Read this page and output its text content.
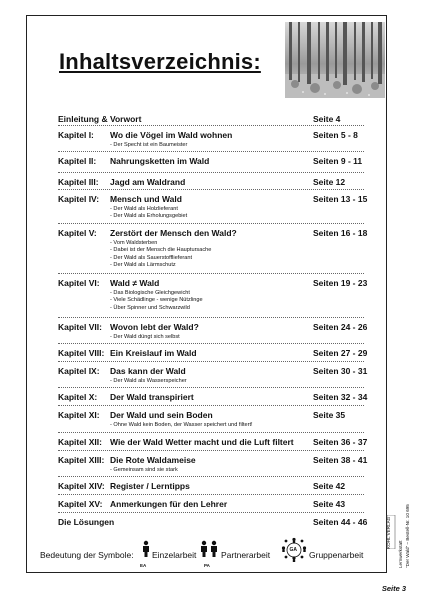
Inhaltsverzeichnis:
Einleitung & Vorwort	Seite 4
Kapitel I:	Wo die Vögel im Wald wohnen	Seiten 5 - 8
- Der Specht ist ein Baumeister
Kapitel II:	Nahrungsketten im Wald	Seiten 9 - 11
Kapitel III:	Jagd am Waldrand	Seite 12
Kapitel IV:	Mensch und Wald	Seiten 13 - 15
- Der Wald als Holzlieferant
- Der Wald als Erholungsgebiet
Kapitel V:	Zerstört der Mensch den Wald?	Seiten 16 - 18
- Vom Waldsterben
- Dabei ist der Mensch die Hauptursache
- Der Wald als Sauerstofflieferant
- Der Wald als Lärmschutz
Kapitel VI:	Wald ≠ Wald	Seiten 19 - 23
- Das Biologische Gleichgewicht
- Viele Schädlinge - wenige Nützlinge
- Über Spinner und Schwarzwild
Kapitel VII: Wovon lebt der Wald?	Seiten 24 - 26
- Der Wald düngt sich selbst
Kapitel VIII: Ein Kreislauf im Wald	Seiten 27 - 29
Kapitel IX:	Das kann der Wald	Seiten 30 - 31
- Der Wald als Wasserspeicher
Kapitel X:	Der Wald transpiriert	Seiten 32 - 34
Kapitel XI:	Der Wald und sein Boden	Seite 35
- Ohne Wald kein Boden, der Wasser speichert und filtert!
Kapitel XII: Wie der Wald Wetter macht und die Luft filtert Seiten 36 - 37
Kapitel XIII: Die Rote Waldameise	Seiten 38 - 41
- Gemeinsam sind sie stark
Kapitel XIV: Register / Lerntipps	Seite 42
Kapitel XV: Anmerkungen für den Lehrer	Seite 43
Die Lösungen	Seiten 44 - 46
Bedeutung der Symbole:
EA
Einzelarbeit
PA
Partnerarbeit	GA Gruppenarbeit
KOHL VERLAG
Lernwerkstatt "Der Wald" – Bestell-Nr. 10 695
Seite 3
